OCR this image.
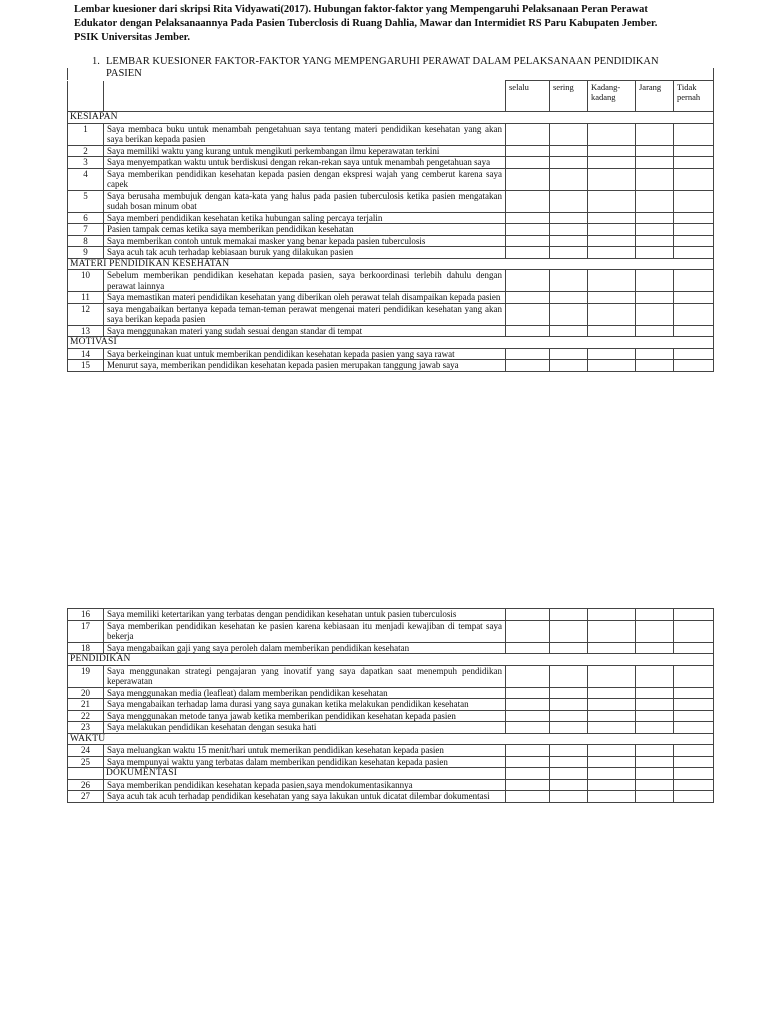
Lembar kuesioner dari skripsi Rita Vidyawati(2017). Hubungan faktor-faktor yang Mempengaruhi Pelaksanaan Peran Perawat
Edukator dengan Pelaksanaannya Pada Pasien Tuberclosis di Ruang Dahlia, Mawar dan Intermidiet RS Paru Kabupaten Jember.
PSIK Universitas Jember.
1. LEMBAR KUESIONER FAKTOR-FAKTOR YANG MEMPENGARUHI PERAWAT DALAM PELAKSANAAN PENDIDIKAN PASIEN
		selalu	sering	Kadang-kadang	Jarang	Tidak pernah
KESIAPAN						
1	Saya membaca buku untuk menambah pengetahuan saya tentang materi pendidikan kesehatan yang akan saya berikan kepada pasien					
2	Saya memiliki waktu yang kurang untuk mengikuti perkembangan ilmu keperawatan terkini					
3	Saya menyempatkan waktu untuk berdiskusi dengan rekan-rekan saya untuk menambah pengetahuan saya					
4	Saya memberikan pendidikan kesehatan kepada pasien dengan ekspresi wajah yang cemberut karena saya capek					
5	Saya berusaha membujuk dengan kata-kata yang halus pada pasien tuberculosis ketika pasien mengatakan sudah bosan minum obat					
6	Saya memberi pendidikan kesehatan ketika hubungan saling percaya terjalin					
7	Pasien tampak cemas ketika saya memberikan pendidikan kesehatan					
8	Saya memberikan contoh untuk memakai masker yang benar kepada pasien tuberculosis					
9	Saya acuh tak acuh terhadap kebiasaan buruk yang dilakukan pasien					
MATERI PENDIDIKAN KESEHATAN						
10	Sebelum memberikan pendidikan kesehatan kepada pasien, saya berkoordinasi terlebih dahulu dengan perawat lainnya					
11	Saya memastikan materi pendidikan kesehatan yang diberikan oleh perawat telah disampaikan kepada pasien					
12	saya mengabaikan bertanya kepada teman-teman perawat mengenai materi pendidikan kesehatan yang akan saya berikan kepada pasien					
13	Saya menggunakan materi yang sudah sesuai dengan standar di tempat					
MOTIVASI						
14	Saya berkeinginan kuat untuk memberikan pendidikan kesehatan kepada pasien yang saya rawat					
15	Menurut saya, memberikan pendidikan kesehatan kepada pasien merupakan tanggung jawab saya					
16	Saya memiliki ketertarikan yang terbatas dengan pendidikan kesehatan untuk pasien tuberculosis					
17	Saya memberikan pendidikan kesehatan ke pasien karena kebiasaan itu menjadi kewajiban di tempat saya bekerja					
18	Saya mengabaikan gaji yang saya peroleh dalam memberikan pendidikan kesehatan					
PENDIDIKAN						
19	Saya menggunakan strategi pengajaran yang inovatif yang saya dapatkan saat menempuh pendidikan keperawatan					
20	Saya menggunakan media (leafleat) dalam memberikan pendidikan kesehatan					
21	Saya mengabaikan terhadap lama durasi yang saya gunakan ketika melakukan pendidikan kesehatan					
22	Saya menggunakan metode tanya jawab ketika memberikan pendidikan kesehatan kepada pasien					
23	Saya melakukan pendidikan kesehatan dengan sesuka hati					
WAKTU						
24	Saya meluangkan waktu 15 menit/hari untuk memerikan pendidikan kesehatan kepada pasien					
25	Saya mempunyai waktu yang terbatas dalam memberikan pendidikan kesehatan kepada pasien					
	DOKUMENTASI					
26	Saya memberikan pendidikan kesehatan kepada pasien,saya mendokumentasikannya					
27	Saya acuh tak acuh terhadap pendidikan kesehatan yang saya lakukan untuk dicatat dilembar dokumentasi					
